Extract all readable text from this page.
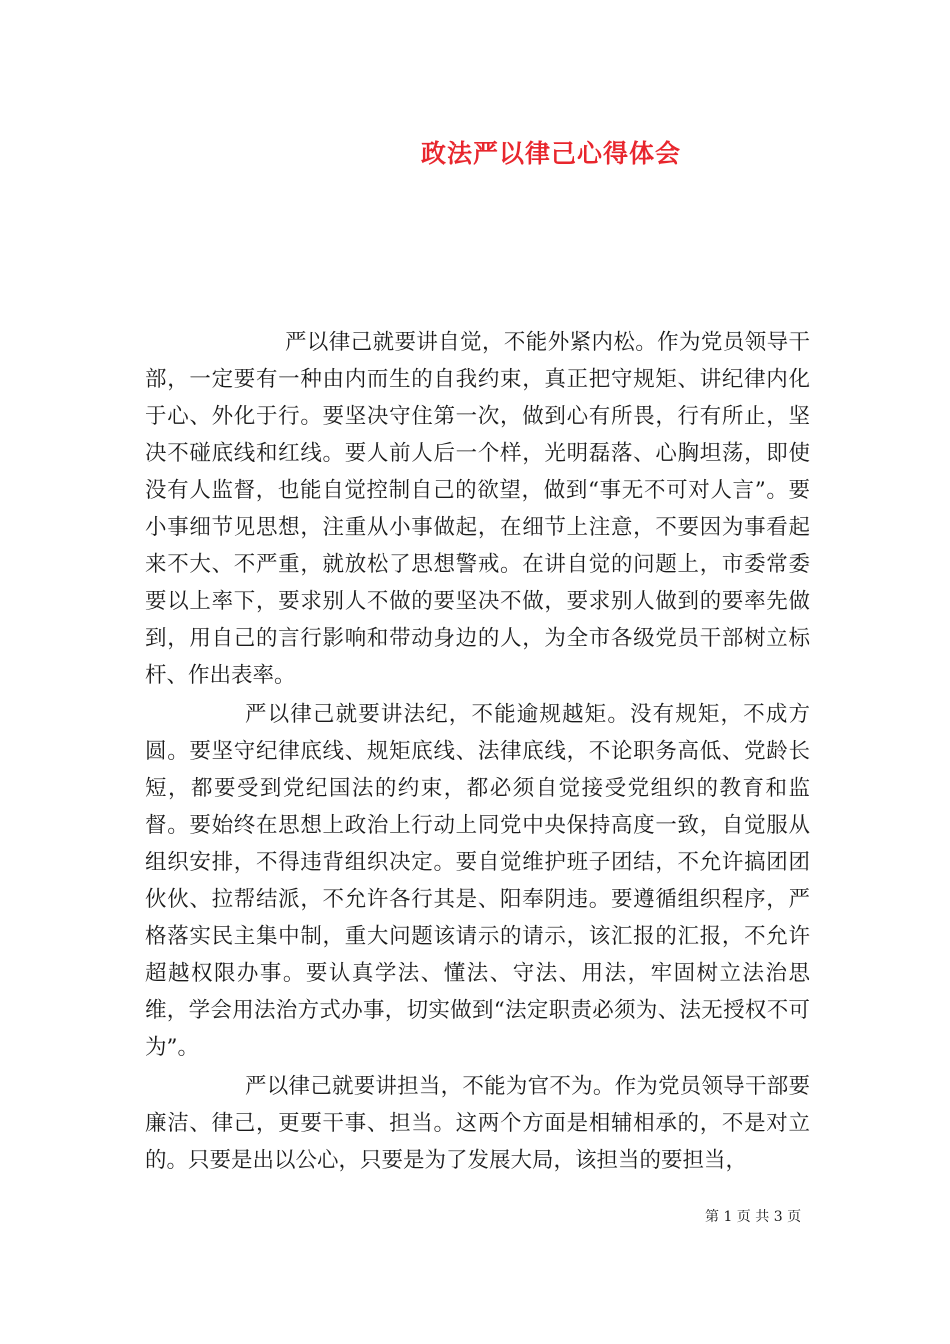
政法严以律己心得体会

严以律己就要讲自觉，不能外紧内松。作为党员领导干部，一定要有一种由内而生的自我约束，真正把守规矩、讲纪律内化于心、外化于行。要坚决守住第一次，做到心有所畏，行有所止，坚决不碰底线和红线。要人前人后一个样，光明磊落、心胸坦荡，即使没有人监督，也能自觉控制自己的欲望，做到“事无不可对人言”。要小事细节见思想，注重从小事做起，在细节上注意，不要因为事看起来不大、不严重，就放松了思想警戒。在讲自觉的问题上，市委常委要以上率下，要求别人不做的要坚决不做，要求别人做到的要率先做到，用自己的言行影响和带动身边的人，为全市各级党员干部树立标杆、作出表率。

严以律己就要讲法纪，不能逾规越矩。没有规矩，不成方圆。要坚守纪律底线、规矩底线、法律底线，不论职务高低、党龄长短，都要受到党纪国法的约束，都必须自觉接受党组织的教育和监督。要始终在思想上政治上行动上同党中央保持高度一致，自觉服从组织安排，不得违背组织决定。要自觉维护班子团结，不允许搞团团伙伙、拉帮结派，不允许各行其是、阳奉阴违。要遵循组织程序，严格落实民主集中制，重大问题该请示的请示，该汇报的汇报，不允许超越权限办事。要认真学法、懂法、守法、用法，牢固树立法治思维，学会用法治方式办事，切实做到“法定职责必须为、法无授权不可为”。

严以律己就要讲担当，不能为官不为。作为党员领导干部要廉洁、律己，更要干事、担当。这两个方面是相辅相承的，不是对立的。只要是出以公心，只要是为了发展大局，该担当的要担当，

第 1 页 共 3 页
